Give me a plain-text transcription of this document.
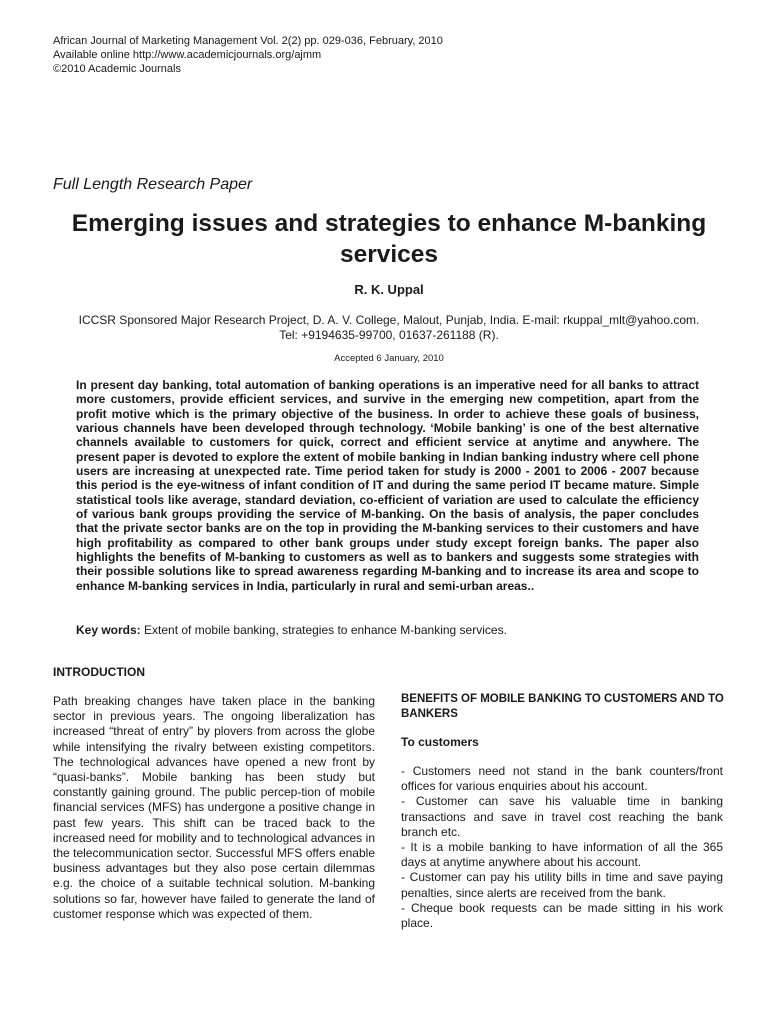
African Journal of Marketing Management Vol. 2(2) pp. 029-036, February, 2010
Available online http://www.academicjournals.org/ajmm
©2010 Academic Journals
Full Length Research Paper
Emerging issues and strategies to enhance M-banking services
R. K. Uppal
ICCSR Sponsored Major Research Project, D. A. V. College, Malout, Punjab, India. E-mail: rkuppal_mlt@yahoo.com.
Tel: +9194635-99700, 01637-261188 (R).
Accepted 6 January, 2010
In present day banking, total automation of banking operations is an imperative need for all banks to attract more customers, provide efficient services, and survive in the emerging new competition, apart from the profit motive which is the primary objective of the business. In order to achieve these goals of business, various channels have been developed through technology. ‘Mobile banking’ is one of the best alternative channels available to customers for quick, correct and efficient service at anytime and anywhere. The present paper is devoted to explore the extent of mobile banking in Indian banking industry where cell phone users are increasing at unexpected rate. Time period taken for study is 2000 - 2001 to 2006 - 2007 because this period is the eye-witness of infant condition of IT and during the same period IT became mature. Simple statistical tools like average, standard deviation, co-efficient of variation are used to calculate the efficiency of various bank groups providing the service of M-banking. On the basis of analysis, the paper concludes that the private sector banks are on the top in providing the M-banking services to their customers and have high profitability as compared to other bank groups under study except foreign banks. The paper also highlights the benefits of M-banking to customers as well as to bankers and suggests some strategies with their possible solutions like to spread awareness regarding M-banking and to increase its area and scope to enhance M-banking services in India, particularly in rural and semi-urban areas..
Key words: Extent of mobile banking, strategies to enhance M-banking services.
INTRODUCTION
Path breaking changes have taken place in the banking sector in previous years. The ongoing liberalization has increased “threat of entry” by plovers from across the globe while intensifying the rivalry between existing competitors. The technological advances have opened a new front by “quasi-banks”. Mobile banking has been study but constantly gaining ground. The public percep-tion of mobile financial services (MFS) has undergone a positive change in past few years. This shift can be traced back to the increased need for mobility and to technological advances in the telecommunication sector. Successful MFS offers enable business advantages but they also pose certain dilemmas e.g. the choice of a suitable technical solution. M-banking solutions so far, however have failed to generate the land of customer response which was expected of them.
BENEFITS OF MOBILE BANKING TO CUSTOMERS AND TO BANKERS
To customers

- Customers need not stand in the bank counters/front offices for various enquiries about his account.

- Customer can save his valuable time in banking transactions and save in travel cost reaching the bank branch etc.

- It is a mobile banking to have information of all the 365 days at anytime anywhere about his account.

- Customer can pay his utility bills in time and save paying penalties, since alerts are received from the bank.

- Cheque book requests can be made sitting in his work place.
